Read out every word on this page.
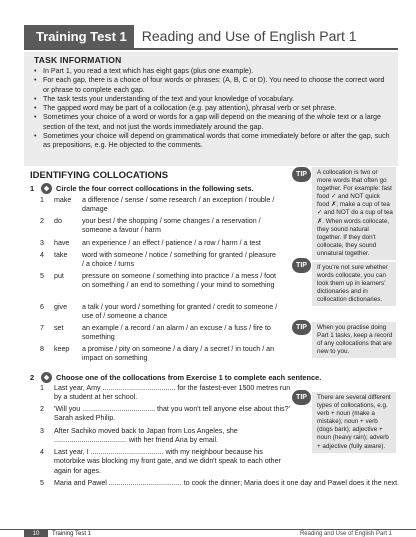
Training Test 1	Reading and Use of English Part 1
TASK INFORMATION
• In Part 1, you read a text which has eight gaps (plus one example).
• For each gap, there is a choice of four words or phrases: (A, B, C or D). You need to choose the correct word or phrase to complete each gap.
• The task tests your understanding of the text and your knowledge of vocabulary.
• The gapped word may be part of a collocation (e.g. pay attention), phrasal verb or set phrase.
• Sometimes your choice of a word or words for a gap will depend on the meaning of the whole text or a large section of the text, and not just the words immediately around the gap.
• Sometimes your choice will depend on grammatical words that come immediately before or after the gap, such as prepositions, e.g. He objected to the comments.
IDENTIFYING COLLOCATIONS
1	❖ Circle the four correct collocations in the following sets.
1	make	a difference / sense / some research / an exception / trouble / damage
2	do	your best / the shopping / some changes / a reservation / someone a favour / harm
3	have	an experience / an effect / patience / a row / harm / a test
4	take	word with someone / notice / something for granted / pleasure / a choice / turns
5	put	pressure on someone / something into practice / a mess / foot on something / an end to something / your mind to something
6	give	a talk / your word / something for granted / credit to someone / use of / someone a chance
7	set	an example / a record / an alarm / an excuse / a fuss / fire to something
8	keep	a promise / pity on someone / a diary / a secret / in touch / an impact on something
2	❖ Choose one of the collocations from Exercise 1 to complete each sentence.
1	Last year, Amy ..................................... for the fastest-ever 1500 metres run by a student at her school.
2	'Will you ..................................... that you won't tell anyone else about this?' Sarah asked Philip.
3	After Sachiko moved back to Japan from Los Angeles, she ..................................... with her friend Ana by email.
4	Last year, I ..................................... with my neighbour because his motorbike was blocking my front gate, and we didn't speak to each other again for ages.
5	Maria and Pawel ..................................... to cook the dinner; Maria does it one day and Pawel does it the next.
TIP	A collocation is two or more words that often go together. For example: fast food ✓ and NOT quick food ✗; make a cup of tea ✓ and NOT do a cup of tea ✗. When words collocate, they sound natural together. If they don't collocate, they sound unnatural together.
TIP	If you're not sure whether words collocate, you can look them up in learners' dictionaries and in collocation dictionaries.
TIP	When you practise doing Part 1 tasks, keep a record of any collocations that are new to you.
TIP	There are several different types of collocations, e.g. verb + noun (make a mistake); noun + verb (dogs bark); adjective + noun (heavy rain); adverb + adjective (fully aware).
10	Training Test 1	Reading and Use of English Part 1
